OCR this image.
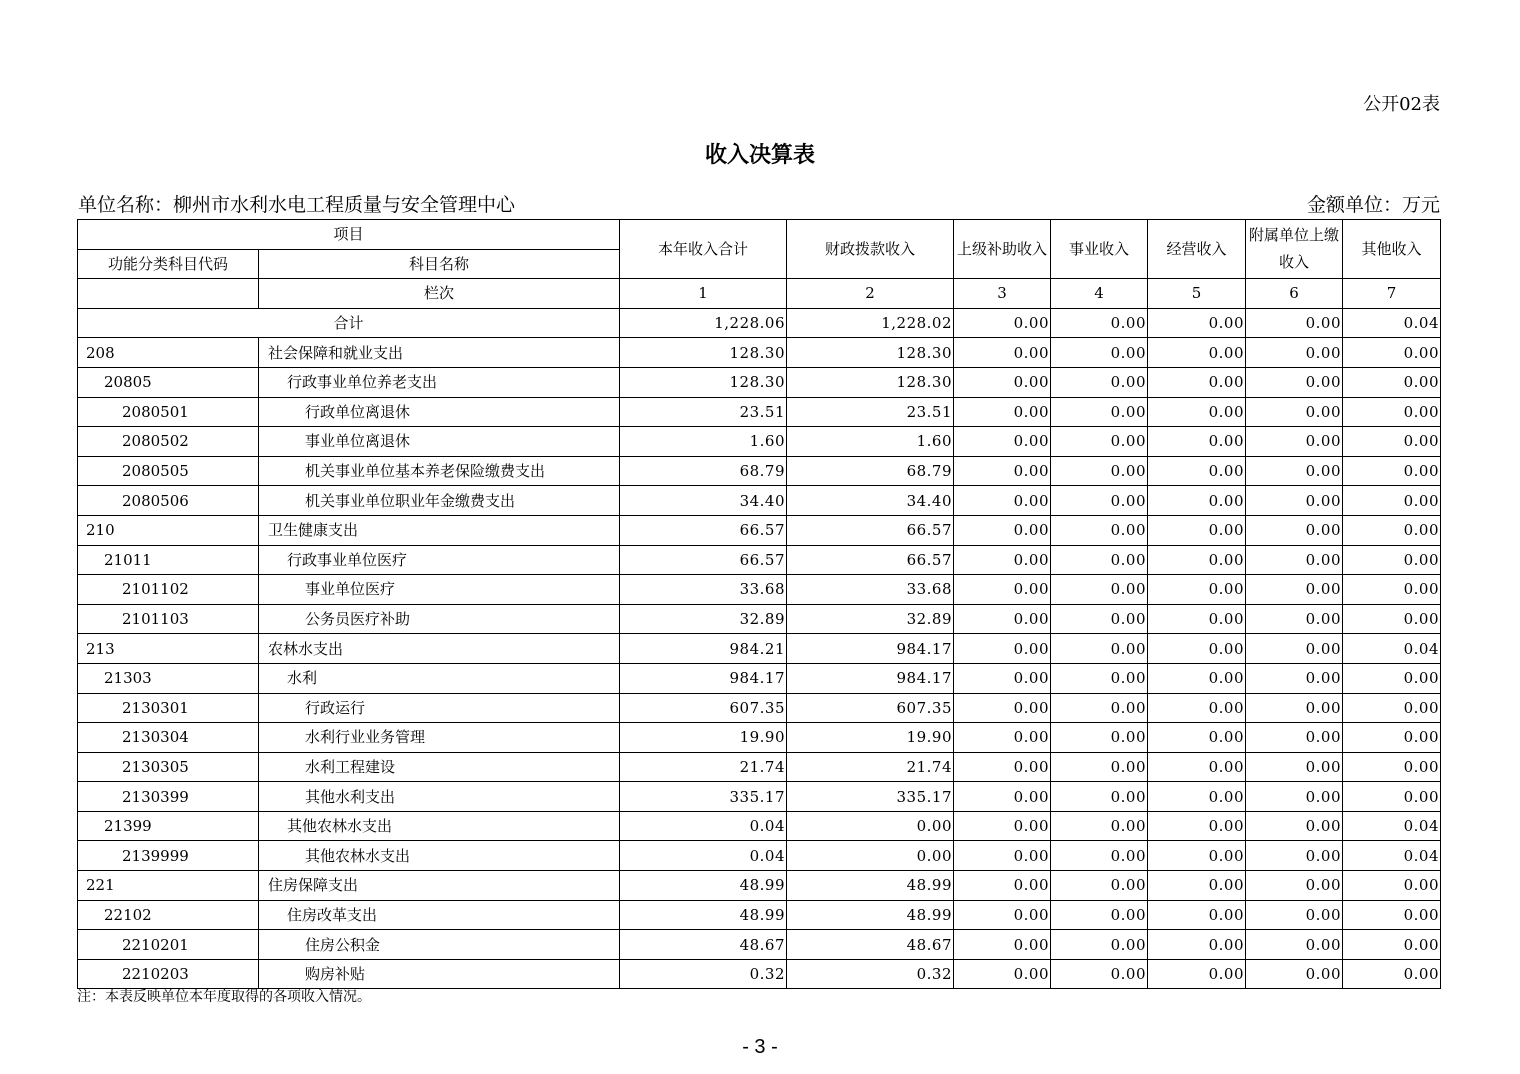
公开02表
收入决算表
单位名称：柳州市水利水电工程质量与安全管理中心	金额单位：万元
项目		本年收入合计	财政拨款收入	上级补助收入	事业收入	经营收入	附属单位上缴收入	其他收入
功能分类科目代码	科目名称							
	栏次	1	2	3	4	5	6	7
合计		1,228.06	1,228.02	0.00	0.00	0.00	0.00	0.04
208	社会保障和就业支出	128.30	128.30	0.00	0.00	0.00	0.00	0.00
20805	行政事业单位养老支出	128.30	128.30	0.00	0.00	0.00	0.00	0.00
2080501	行政单位离退休	23.51	23.51	0.00	0.00	0.00	0.00	0.00
2080502	事业单位离退休	1.60	1.60	0.00	0.00	0.00	0.00	0.00
2080505	机关事业单位基本养老保险缴费支出	68.79	68.79	0.00	0.00	0.00	0.00	0.00
2080506	机关事业单位职业年金缴费支出	34.40	34.40	0.00	0.00	0.00	0.00	0.00
210	卫生健康支出	66.57	66.57	0.00	0.00	0.00	0.00	0.00
21011	行政事业单位医疗	66.57	66.57	0.00	0.00	0.00	0.00	0.00
2101102	事业单位医疗	33.68	33.68	0.00	0.00	0.00	0.00	0.00
2101103	公务员医疗补助	32.89	32.89	0.00	0.00	0.00	0.00	0.00
213	农林水支出	984.21	984.17	0.00	0.00	0.00	0.00	0.04
21303	水利	984.17	984.17	0.00	0.00	0.00	0.00	0.00
2130301	行政运行	607.35	607.35	0.00	0.00	0.00	0.00	0.00
2130304	水利行业业务管理	19.90	19.90	0.00	0.00	0.00	0.00	0.00
2130305	水利工程建设	21.74	21.74	0.00	0.00	0.00	0.00	0.00
2130399	其他水利支出	335.17	335.17	0.00	0.00	0.00	0.00	0.00
21399	其他农林水支出	0.04	0.00	0.00	0.00	0.00	0.00	0.04
2139999	其他农林水支出	0.04	0.00	0.00	0.00	0.00	0.00	0.04
221	住房保障支出	48.99	48.99	0.00	0.00	0.00	0.00	0.00
22102	住房改革支出	48.99	48.99	0.00	0.00	0.00	0.00	0.00
2210201	住房公积金	48.67	48.67	0.00	0.00	0.00	0.00	0.00
2210203	购房补贴	0.32	0.32	0.00	0.00	0.00	0.00	0.00
注：本表反映单位本年度取得的各项收入情况。
- 3 -
